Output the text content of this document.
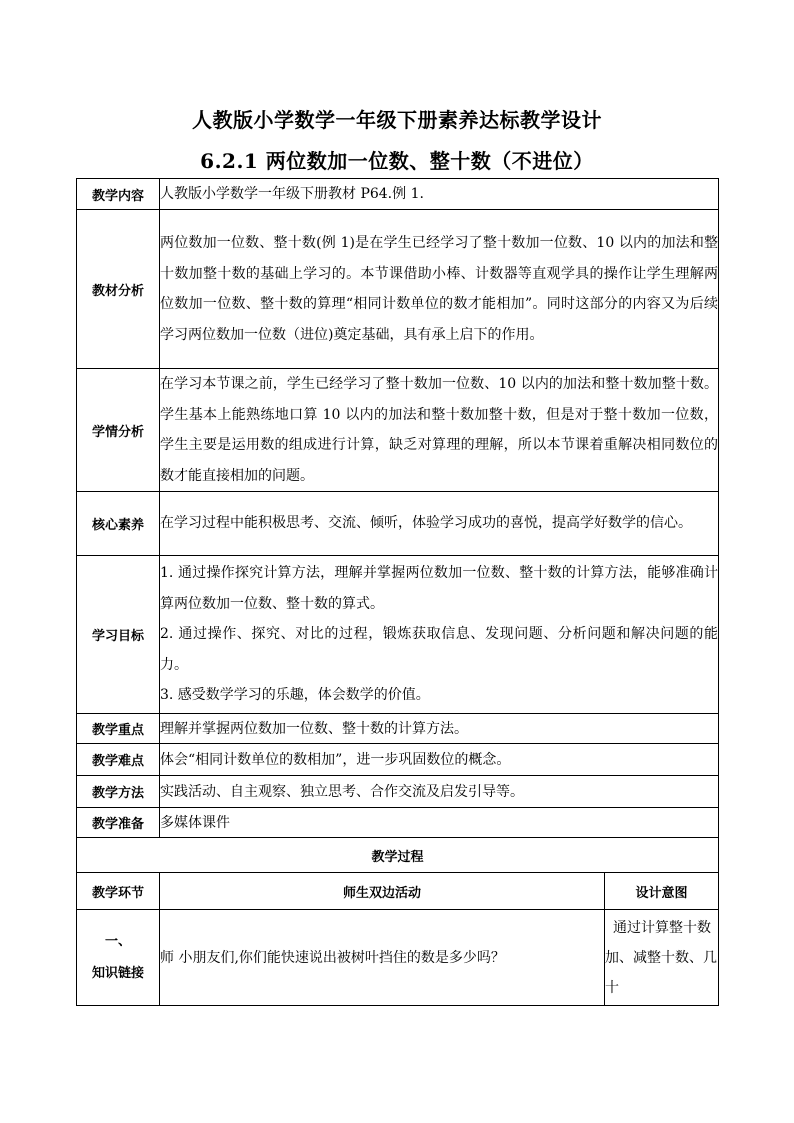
人教版小学数学一年级下册素养达标教学设计
6.2.1 两位数加一位数、整十数（不进位）
教学内容	人教版小学数学一年级下册教材 P64.例 1.	
教材分析	两位数加一位数、整十数(例 1)是在学生已经学习了整十数加一位数、10 以内的加法和整十数加整十数的基础上学习的。本节课借助小棒、计数器等直观学具的操作让学生理解两位数加一位数、整十数的算理“相同计数单位的数才能相加”。同时这部分的内容又为后续学习两位数加一位数（进位)奠定基础，具有承上启下的作用。	
学情分析	在学习本节课之前，学生已经学习了整十数加一位数、10 以内的加法和整十数加整十数。学生基本上能熟练地口算 10 以内的加法和整十数加整十数，但是对于整十数加一位数，学生主要是运用数的组成进行计算，缺乏对算理的理解，所以本节课着重解决相同数位的数才能直接相加的问题。	
核心素养	在学习过程中能积极思考、交流、倾听，体验学习成功的喜悦，提高学好数学的信心。	
学习目标	1. 通过操作探究计算方法，理解并掌握两位数加一位数、整十数的计算方法，能够准确计算两位数加一位数、整十数的算式。
2. 通过操作、探究、对比的过程，锻炼获取信息、发现问题、分析问题和解决问题的能力。
3. 感受数学学习的乐趣，体会数学的价值。	

教学重点	理解并掌握两位数加一位数、整十数的计算方法。	
教学难点	体会“相同计数单位的数相加”，进一步巩固数位的概念。	
教学方法	实践活动、自主观察、独立思考、合作交流及启发引导等。	
教学准备	多媒体课件	
教学过程		
教学环节	师生双边活动	设计意图

一、
知识链接	师 小朋友们,你们能快速说出被树叶挡住的数是多少吗？	通过计算整十数加、减整十数、几十
